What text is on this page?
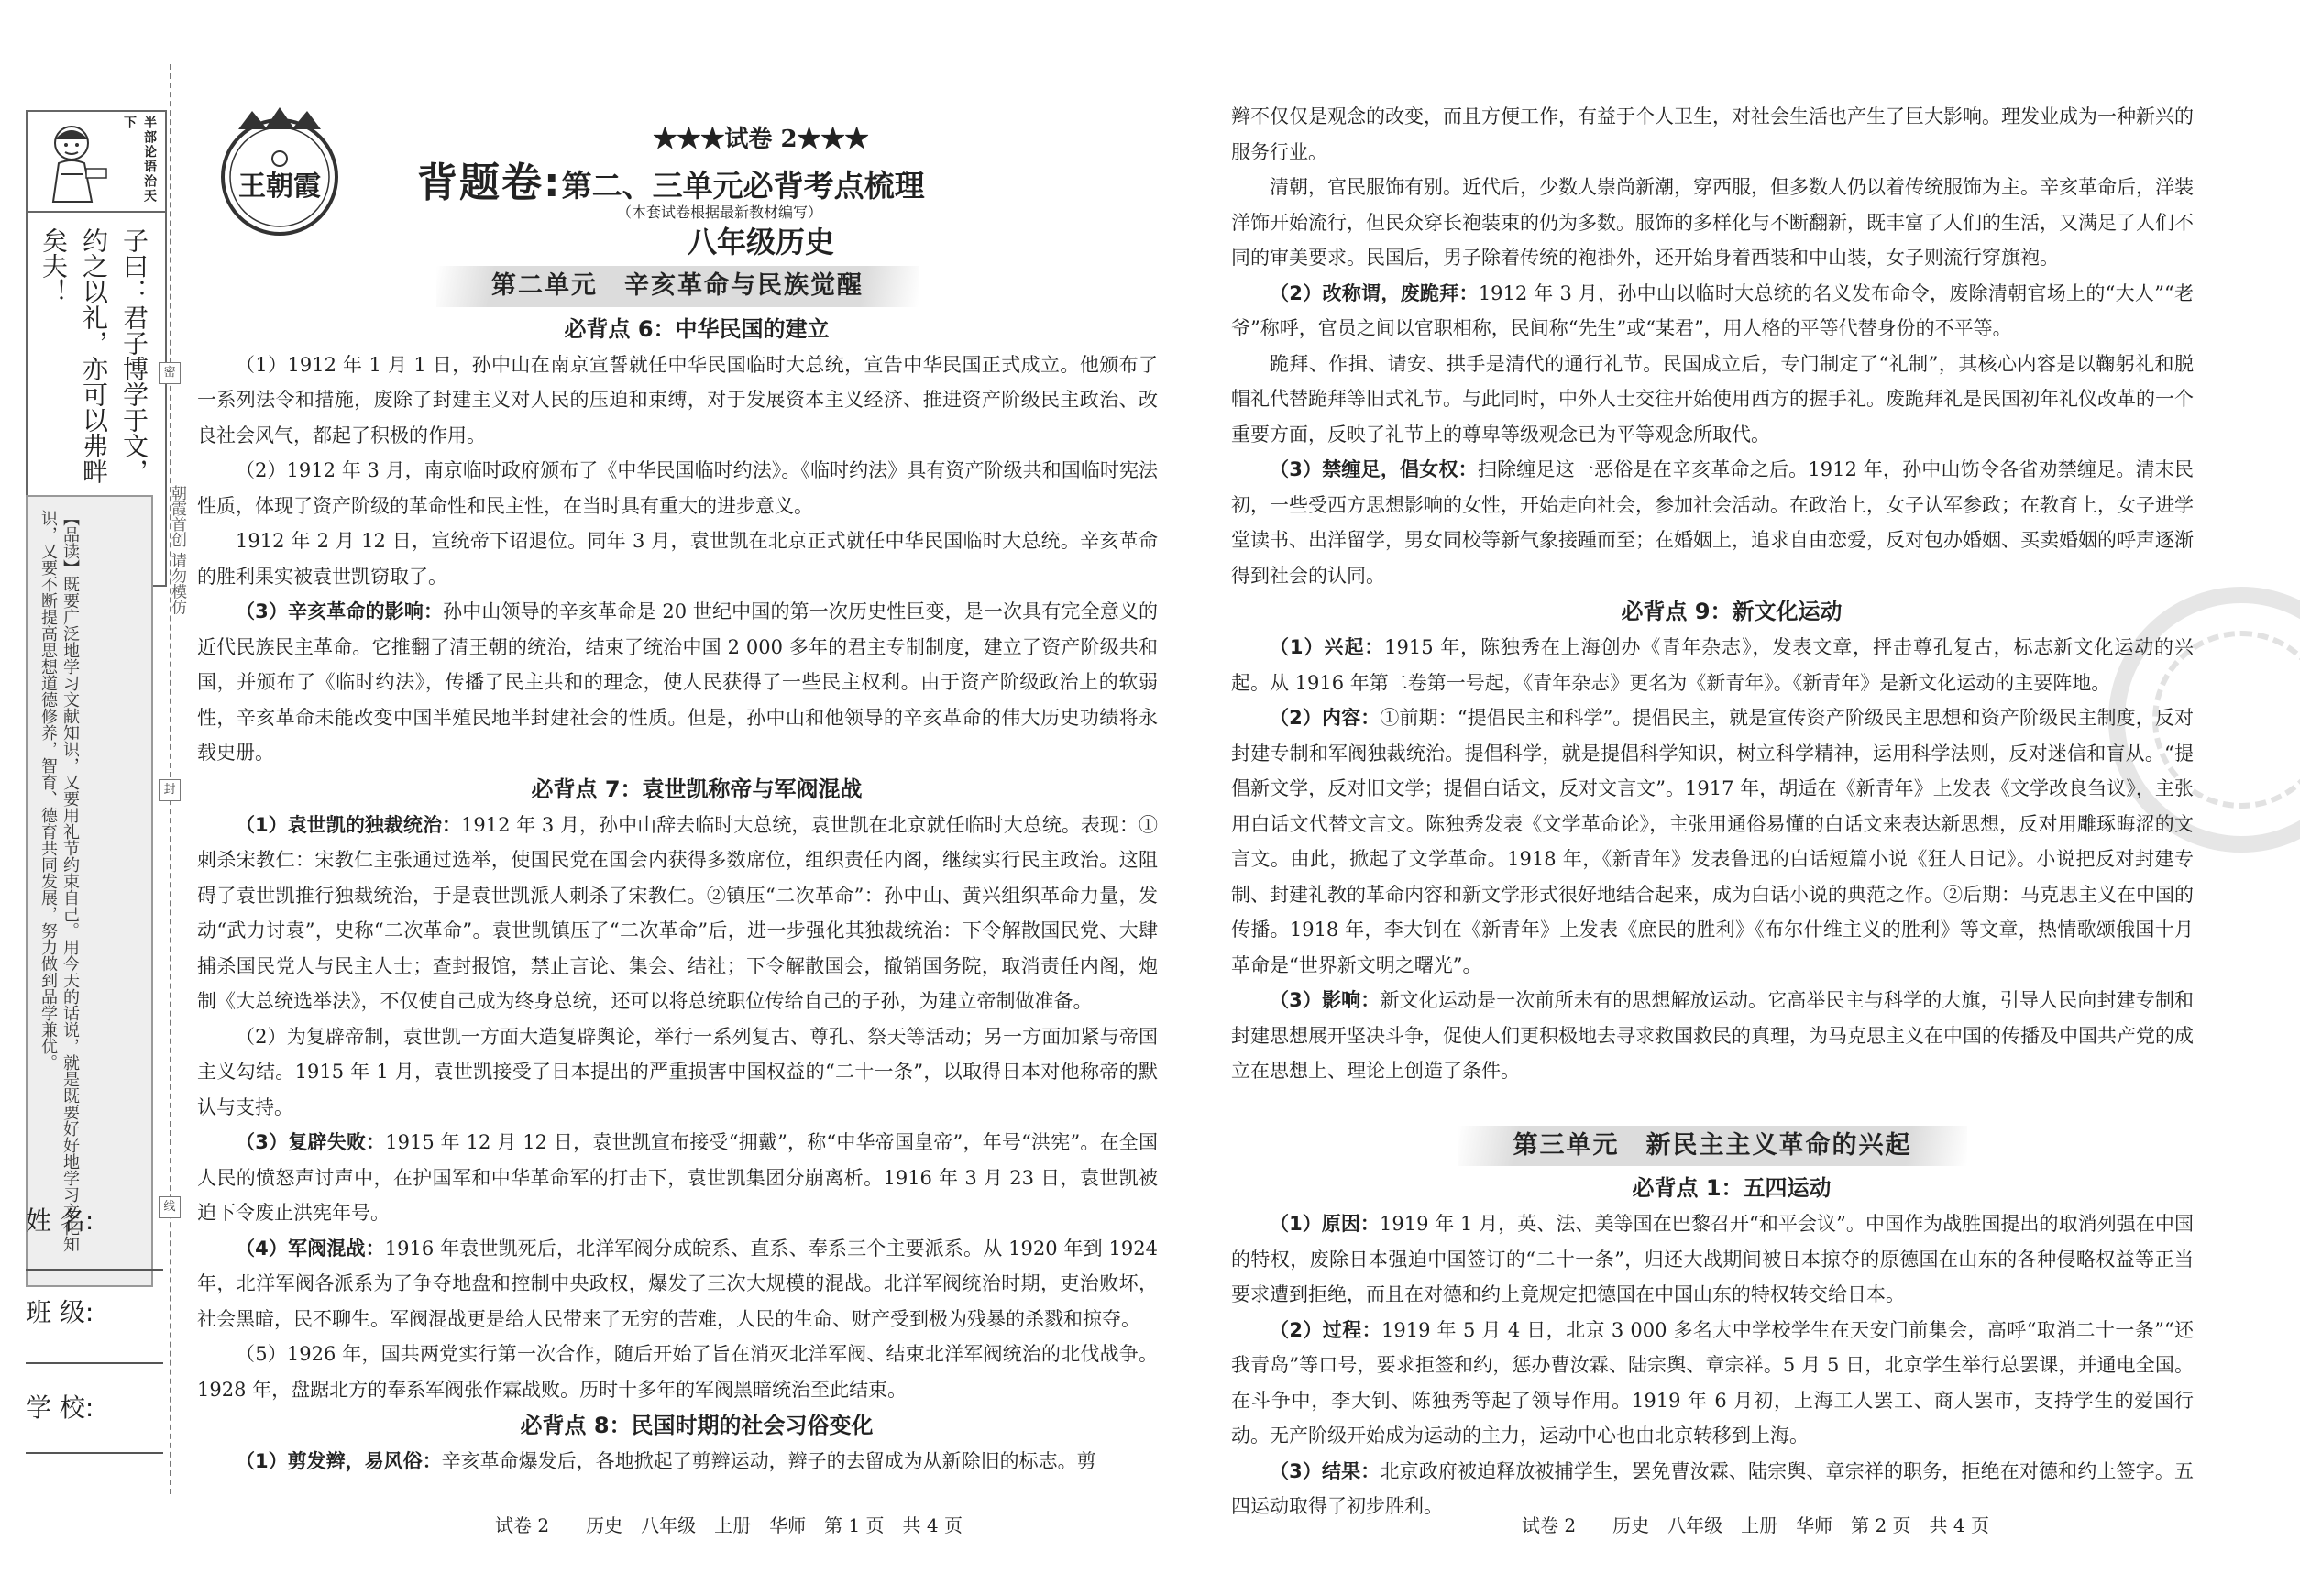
半部论语治天下
子曰：君子博学于文，约之以礼，亦可以弗畔矣夫！
【品读】既要广泛地学习文献知识，又要用礼节约束自己。用今天的话说，就是既要好好地学习文化知识，又要不断提高思想道德修养，智育、德育共同发展，努力做到品学兼优。
姓 名:
班 级:
学 校:
密
封
线
朝霞首创 请勿模仿
王朝霞
★★★试卷 2★★★
背题卷:第二、三单元必背考点梳理
（本套试卷根据最新教材编写）
八年级历史
第二单元　辛亥革命与民族觉醒

必背点 6：中华民国的建立

（1）1912 年 1 月 1 日，孙中山在南京宣誓就任中华民国临时大总统，宣告中华民国正式成立。他颁布了一系列法令和措施，废除了封建主义对人民的压迫和束缚，对于发展资本主义经济、推进资产阶级民主政治、改良社会风气，都起了积极的作用。

（2）1912 年 3 月，南京临时政府颁布了《中华民国临时约法》。《临时约法》具有资产阶级共和国临时宪法性质，体现了资产阶级的革命性和民主性，在当时具有重大的进步意义。

1912 年 2 月 12 日，宣统帝下诏退位。同年 3 月，袁世凯在北京正式就任中华民国临时大总统。辛亥革命的胜利果实被袁世凯窃取了。

（3）辛亥革命的影响：孙中山领导的辛亥革命是 20 世纪中国的第一次历史性巨变，是一次具有完全意义的近代民族民主革命。它推翻了清王朝的统治，结束了统治中国 2 000 多年的君主专制制度，建立了资产阶级共和国，并颁布了《临时约法》，传播了民主共和的理念，使人民获得了一些民主权利。由于资产阶级政治上的软弱性，辛亥革命未能改变中国半殖民地半封建社会的性质。但是，孙中山和他领导的辛亥革命的伟大历史功绩将永载史册。

必背点 7：袁世凯称帝与军阀混战

（1）袁世凯的独裁统治：1912 年 3 月，孙中山辞去临时大总统，袁世凯在北京就任临时大总统。表现：①刺杀宋教仁：宋教仁主张通过选举，使国民党在国会内获得多数席位，组织责任内阁，继续实行民主政治。这阻碍了袁世凯推行独裁统治，于是袁世凯派人刺杀了宋教仁。②镇压“二次革命”：孙中山、黄兴组织革命力量，发动“武力讨袁”，史称“二次革命”。袁世凯镇压了“二次革命”后，进一步强化其独裁统治：下令解散国民党、大肆捕杀国民党人与民主人士；查封报馆，禁止言论、集会、结社；下令解散国会，撤销国务院，取消责任内阁，炮制《大总统选举法》，不仅使自己成为终身总统，还可以将总统职位传给自己的子孙，为建立帝制做准备。

（2）为复辟帝制，袁世凯一方面大造复辟舆论，举行一系列复古、尊孔、祭天等活动；另一方面加紧与帝国主义勾结。1915 年 1 月，袁世凯接受了日本提出的严重损害中国权益的“二十一条”，以取得日本对他称帝的默认与支持。

（3）复辟失败：1915 年 12 月 12 日，袁世凯宣布接受“拥戴”，称“中华帝国皇帝”，年号“洪宪”。在全国人民的愤怒声讨声中，在护国军和中华革命军的打击下，袁世凯集团分崩离析。1916 年 3 月 23 日，袁世凯被迫下令废止洪宪年号。

（4）军阀混战：1916 年袁世凯死后，北洋军阀分成皖系、直系、奉系三个主要派系。从 1920 年到 1924 年，北洋军阀各派系为了争夺地盘和控制中央政权，爆发了三次大规模的混战。北洋军阀统治时期，吏治败坏，社会黑暗，民不聊生。军阀混战更是给人民带来了无穷的苦难，人民的生命、财产受到极为残暴的杀戮和掠夺。

（5）1926 年，国共两党实行第一次合作，随后开始了旨在消灭北洋军阀、结束北洋军阀统治的北伐战争。1928 年，盘踞北方的奉系军阀张作霖战败。历时十多年的军阀黑暗统治至此结束。

必背点 8：民国时期的社会习俗变化

（1）剪发辫，易风俗：辛亥革命爆发后，各地掀起了剪辫运动，辫子的去留成为从新除旧的标志。剪

辫不仅仅是观念的改变，而且方便工作，有益于个人卫生，对社会生活也产生了巨大影响。理发业成为一种新兴的服务行业。

清朝，官民服饰有别。近代后，少数人崇尚新潮，穿西服，但多数人仍以着传统服饰为主。辛亥革命后，洋装洋饰开始流行，但民众穿长袍装束的仍为多数。服饰的多样化与不断翻新，既丰富了人们的生活，又满足了人们不同的审美要求。民国后，男子除着传统的袍褂外，还开始身着西装和中山装，女子则流行穿旗袍。

（2）改称谓，废跪拜：1912 年 3 月，孙中山以临时大总统的名义发布命令，废除清朝官场上的“大人”“老爷”称呼，官员之间以官职相称，民间称“先生”或“某君”，用人格的平等代替身份的不平等。

跪拜、作揖、请安、拱手是清代的通行礼节。民国成立后，专门制定了“礼制”，其核心内容是以鞠躬礼和脱帽礼代替跪拜等旧式礼节。与此同时，中外人士交往开始使用西方的握手礼。废跪拜礼是民国初年礼仪改革的一个重要方面，反映了礼节上的尊卑等级观念已为平等观念所取代。

（3）禁缠足，倡女权：扫除缠足这一恶俗是在辛亥革命之后。1912 年，孙中山饬令各省劝禁缠足。清末民初，一些受西方思想影响的女性，开始走向社会，参加社会活动。在政治上，女子认军参政；在教育上，女子进学堂读书、出洋留学，男女同校等新气象接踵而至；在婚姻上，追求自由恋爱，反对包办婚姻、买卖婚姻的呼声逐渐得到社会的认同。

必背点 9：新文化运动

（1）兴起：1915 年，陈独秀在上海创办《青年杂志》，发表文章，抨击尊孔复古，标志新文化运动的兴起。从 1916 年第二卷第一号起，《青年杂志》更名为《新青年》。《新青年》是新文化运动的主要阵地。

（2）内容：①前期：“提倡民主和科学”。提倡民主，就是宣传资产阶级民主思想和资产阶级民主制度，反对封建专制和军阀独裁统治。提倡科学，就是提倡科学知识，树立科学精神，运用科学法则，反对迷信和盲从。“提倡新文学，反对旧文学；提倡白话文，反对文言文”。1917 年，胡适在《新青年》上发表《文学改良刍议》，主张用白话文代替文言文。陈独秀发表《文学革命论》，主张用通俗易懂的白话文来表达新思想，反对用雕琢晦涩的文言文。由此，掀起了文学革命。1918 年，《新青年》发表鲁迅的白话短篇小说《狂人日记》。小说把反对封建专制、封建礼教的革命内容和新文学形式很好地结合起来，成为白话小说的典范之作。②后期：马克思主义在中国的传播。1918 年，李大钊在《新青年》上发表《庶民的胜利》《布尔什维主义的胜利》等文章，热情歌颂俄国十月革命是“世界新文明之曙光”。

（3）影响：新文化运动是一次前所未有的思想解放运动。它高举民主与科学的大旗，引导人民向封建专制和封建思想展开坚决斗争，促使人们更积极地去寻求救国救民的真理，为马克思主义在中国的传播及中国共产党的成立在思想上、理论上创造了条件。

第三单元　新民主主义革命的兴起

必背点 1：五四运动

（1）原因：1919 年 1 月，英、法、美等国在巴黎召开“和平会议”。中国作为战胜国提出的取消列强在中国的特权，废除日本强迫中国签订的“二十一条”，归还大战期间被日本掠夺的原德国在山东的各种侵略权益等正当要求遭到拒绝，而且在对德和约上竟规定把德国在中国山东的特权转交给日本。

（2）过程：1919 年 5 月 4 日，北京 3 000 多名大中学校学生在天安门前集会，高呼“取消二十一条”“还我青岛”等口号，要求拒签和约，惩办曹汝霖、陆宗舆、章宗祥。5 月 5 日，北京学生举行总罢课，并通电全国。在斗争中，李大钊、陈独秀等起了领导作用。1919 年 6 月初，上海工人罢工、商人罢市，支持学生的爱国行动。无产阶级开始成为运动的主力，运动中心也由北京转移到上海。

（3）结果：北京政府被迫释放被捕学生，罢免曹汝霖、陆宗舆、章宗祥的职务，拒绝在对德和约上签字。五四运动取得了初步胜利。

试卷 2　　历史　八年级　上册　华师　第 1 页　共 4 页	试卷 2　　历史　八年级　上册　华师　第 2 页　共 4 页
